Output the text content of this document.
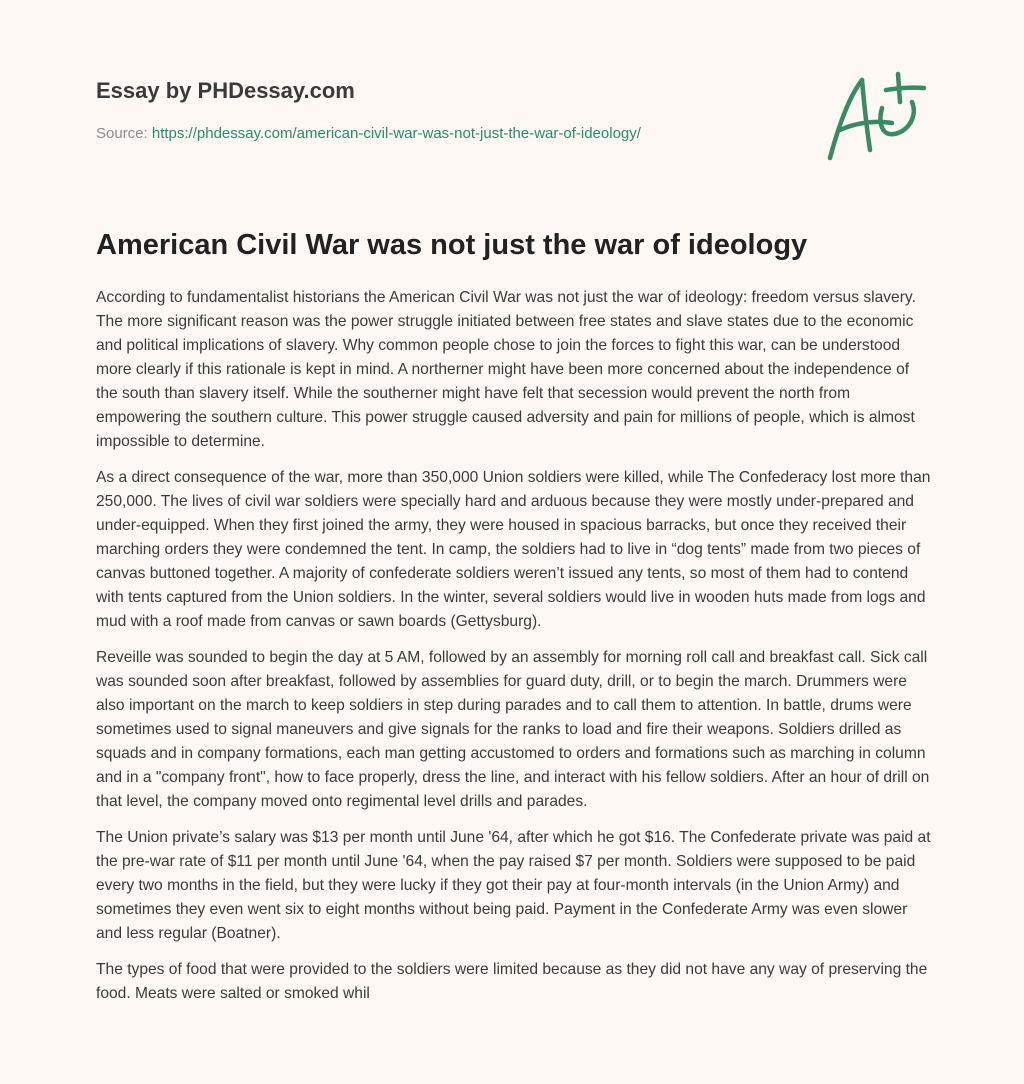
Essay by PHDessay.com
Source: https://phdessay.com/american-civil-war-was-not-just-the-war-of-ideology/
American Civil War was not just the war of ideology

According to fundamentalist historians the American Civil War was not just the war of ideology: freedom versus slavery. The more significant reason was the power struggle initiated between free states and slave states due to the economic and political implications of slavery. Why common people chose to join the forces to fight this war, can be understood more clearly if this rationale is kept in mind. A northerner might have been more concerned about the independence of the south than slavery itself. While the southerner might have felt that secession would prevent the north from empowering the southern culture. This power struggle caused adversity and pain for millions of people, which is almost impossible to determine.

As a direct consequence of the war, more than 350,000 Union soldiers were killed, while The Confederacy lost more than 250,000. The lives of civil war soldiers were specially hard and arduous because they were mostly under-prepared and under-equipped. When they first joined the army, they were housed in spacious barracks, but once they received their marching orders they were condemned the tent. In camp, the soldiers had to live in “dog tents” made from two pieces of canvas buttoned together. A majority of confederate soldiers weren’t issued any tents, so most of them had to contend with tents captured from the Union soldiers. In the winter, several soldiers would live in wooden huts made from logs and mud with a roof made from canvas or sawn boards (Gettysburg).

Reveille was sounded to begin the day at 5 AM, followed by an assembly for morning roll call and breakfast call. Sick call was sounded soon after breakfast, followed by assemblies for guard duty, drill, or to begin the march. Drummers were also important on the march to keep soldiers in step during parades and to call them to attention. In battle, drums were sometimes used to signal maneuvers and give signals for the ranks to load and fire their weapons. Soldiers drilled as squads and in company formations, each man getting accustomed to orders and formations such as marching in column and in a "company front", how to face properly, dress the line, and interact with his fellow soldiers. After an hour of drill on that level, the company moved onto regimental level drills and parades.

The Union private’s salary was $13 per month until June '64, after which he got $16. The Confederate private was paid at the pre-war rate of $11 per month until June '64, when the pay raised $7 per month. Soldiers were supposed to be paid every two months in the field, but they were lucky if they got their pay at four-month intervals (in the Union Army) and sometimes they even went six to eight months without being paid. Payment in the Confederate Army was even slower and less regular (Boatner).

The types of food that were provided to the soldiers were limited because as they did not have any way of preserving the food. Meats were salted or smoked whil
